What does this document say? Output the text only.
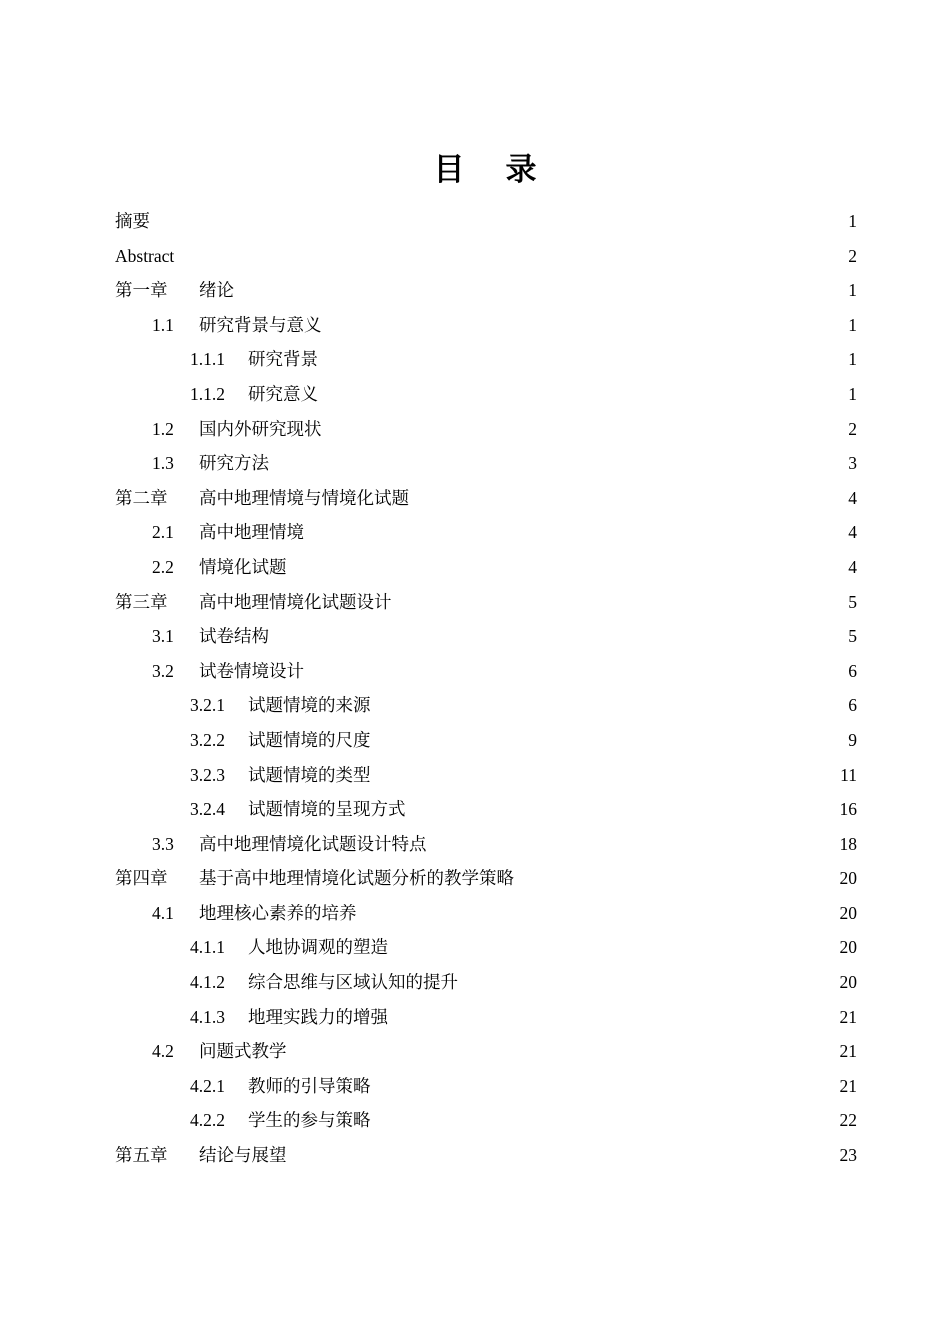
目    录
摘要 .....	1
Abstract .....	2
第一章	绪论 .....	1
1.1	研究背景与意义 .....	1
1.1.1	研究背景 .....	1
1.1.2	研究意义 .....	1
1.2	国内外研究现状 .....	2
1.3	研究方法 .....	3
第二章	高中地理情境与情境化试题 .....	4
2.1	高中地理情境 .....	4
2.2	情境化试题 .....	4
第三章	高中地理情境化试题设计 .....	5
3.1	试卷结构 .....	5
3.2	试卷情境设计 .....	6
3.2.1	试题情境的来源 .....	6
3.2.2	试题情境的尺度 .....	9
3.2.3	试题情境的类型 .....	11
3.2.4	试题情境的呈现方式 .....	16
3.3	高中地理情境化试题设计特点 .....	18
第四章	基于高中地理情境化试题分析的教学策略 .....	20
4.1	地理核心素养的培养 .....	20
4.1.1	人地协调观的塑造 .....	20
4.1.2	综合思维与区域认知的提升 .....	20
4.1.3	地理实践力的增强 .....	21
4.2	问题式教学 .....	21
4.2.1	教师的引导策略 .....	21
4.2.2	学生的参与策略 .....	22
第五章	结论与展望 .....	23
